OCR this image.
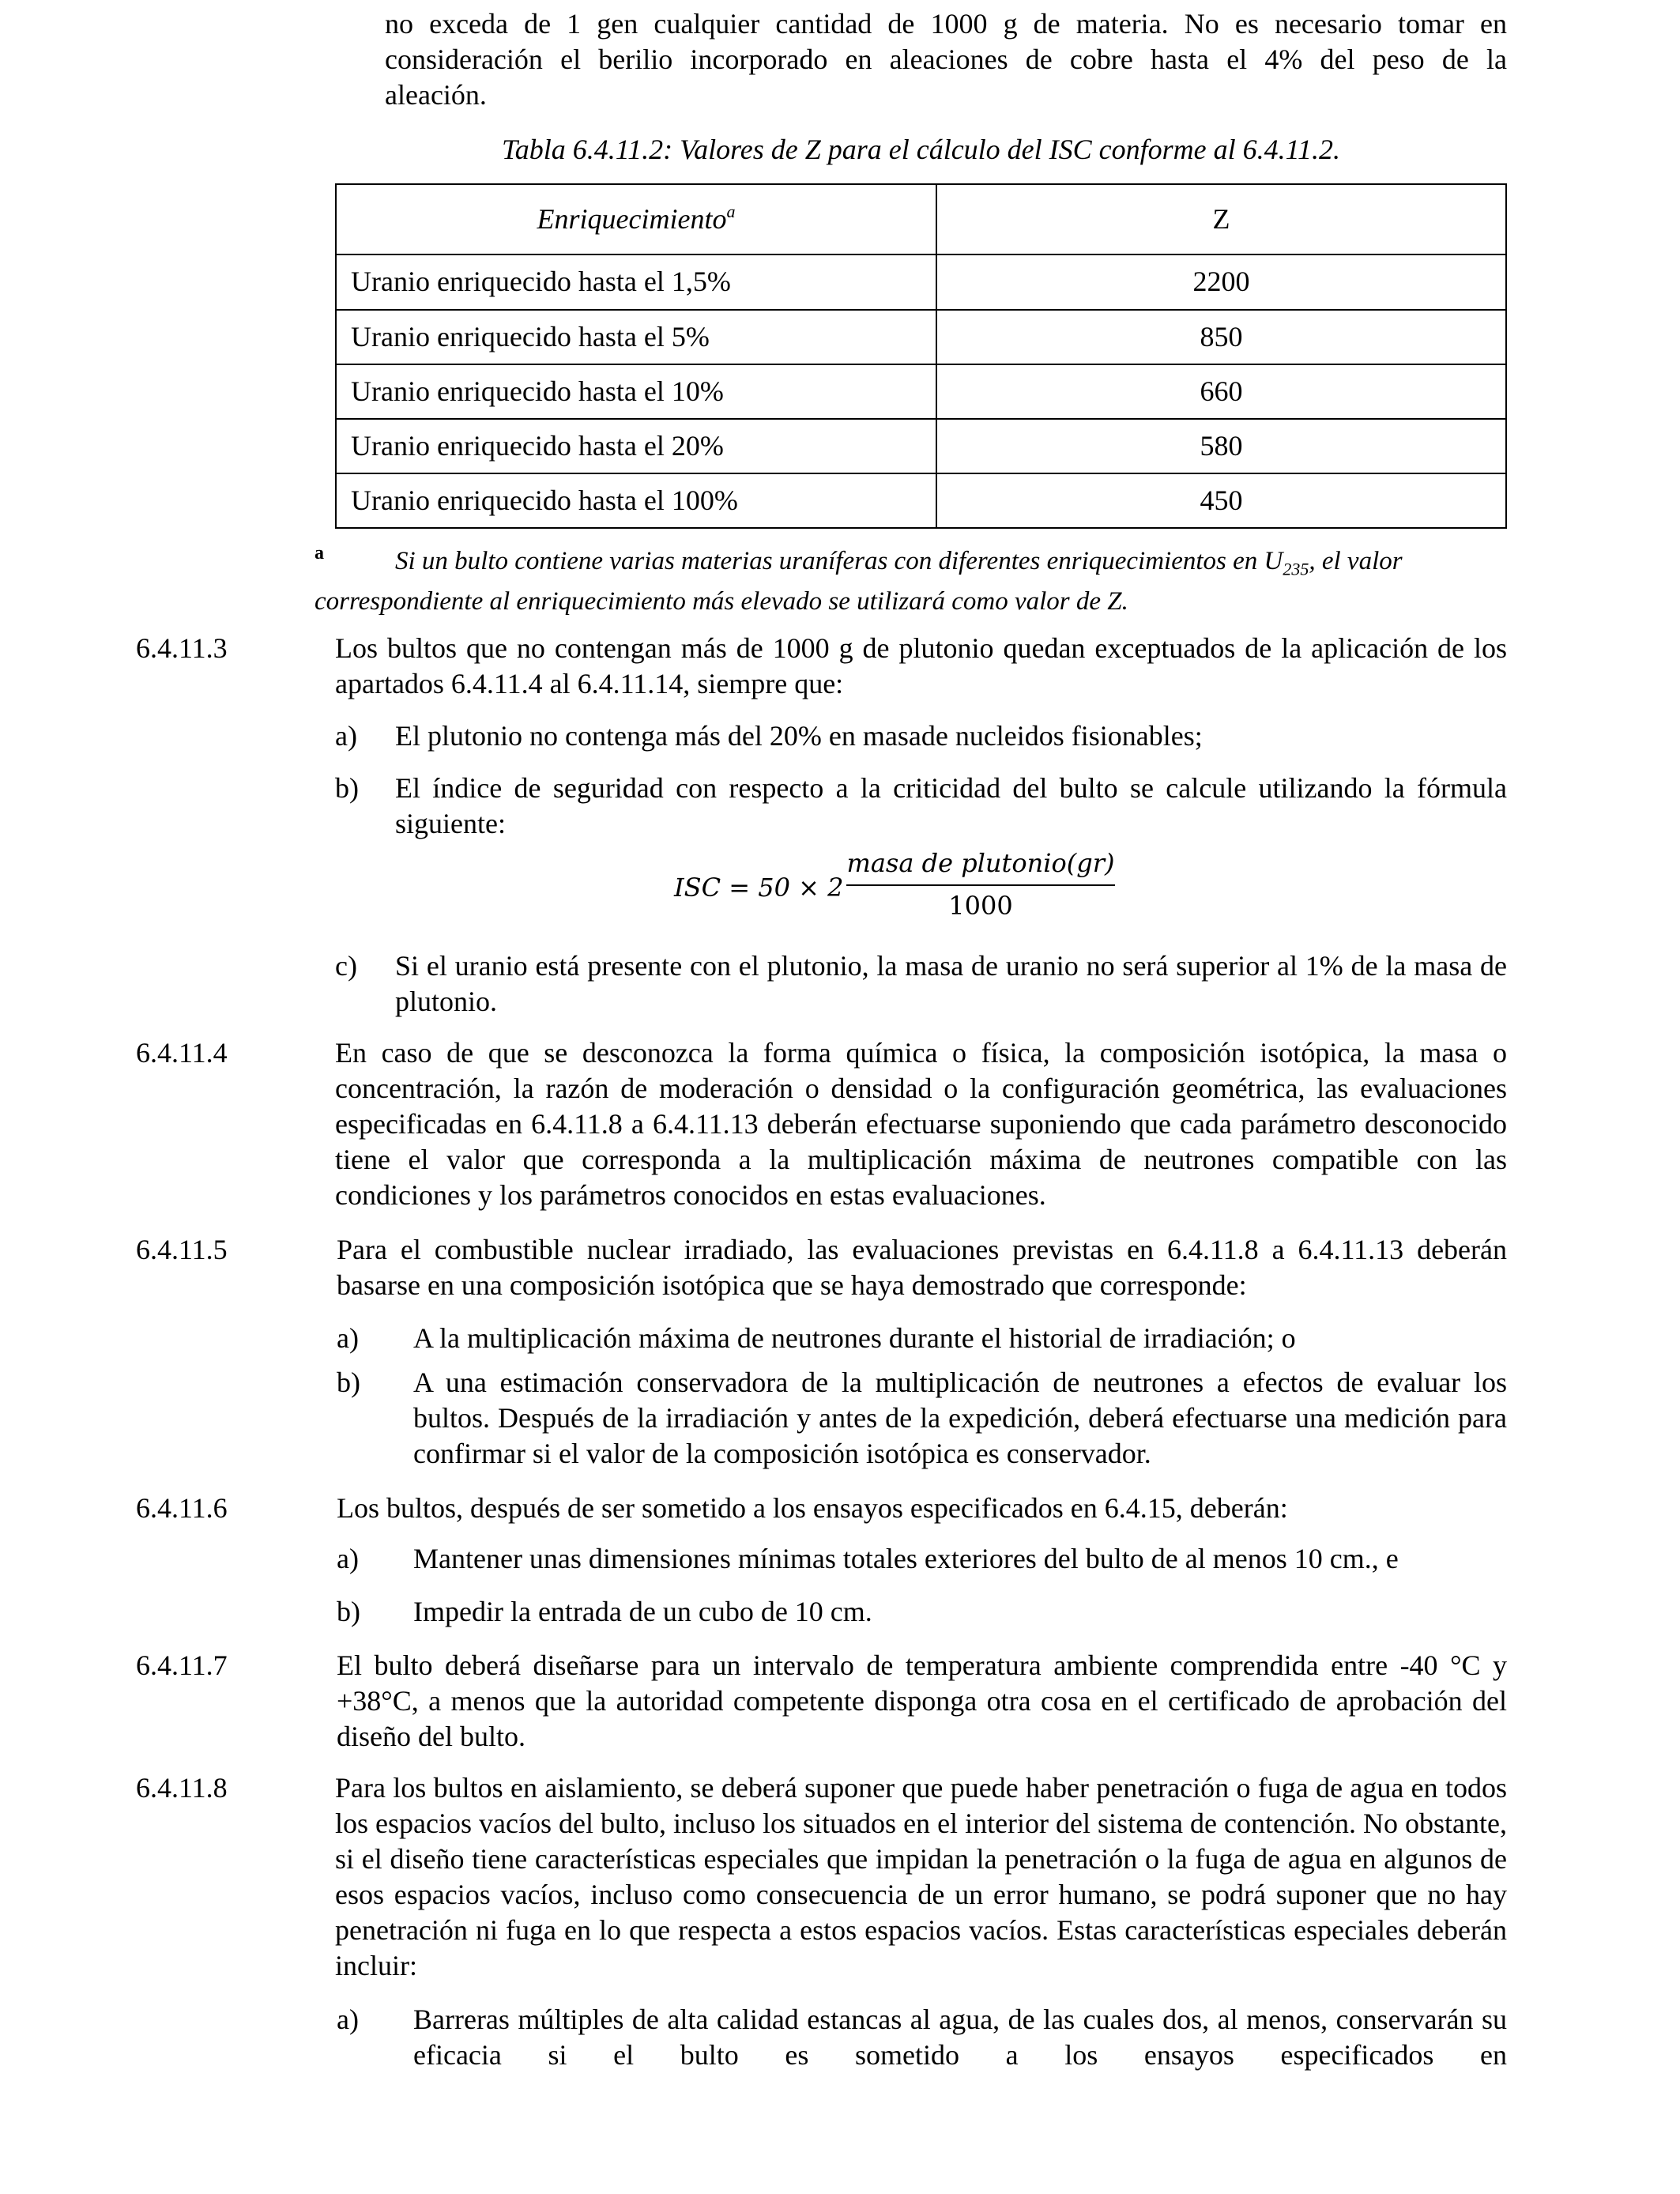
no exceda de 1 gen cualquier cantidad de 1000 g de materia. No es necesario tomar en
consideración el berilio incorporado en aleaciones de cobre hasta el 4% del peso de la
aleación.
Tabla 6.4.11.2: Valores de Z para el cálculo del ISC conforme al 6.4.11.2.
Enriquecimiento$^a$	Z
Uranio enriquecido hasta el 1,5%	2200
Uranio enriquecido hasta el 5%	850
Uranio enriquecido hasta el 10%	660
Uranio enriquecido hasta el 20%	580
Uranio enriquecido hasta el 100%	450
a	Si un bulto contiene varias materias uraníferas con diferentes enriquecimientos en $U_{235}$, el valor
correspondiente al enriquecimiento más elevado se utilizará como valor de Z.
6.4.11.3	Los bultos que no contengan más de 1000 g de plutonio quedan exceptuados de la aplicación de los apartados 6.4.11.4 al 6.4.11.14, siempre que:
a) El plutonio no contenga más del 20% en masade nucleidos fisionables;
b) El índice de seguridad con respecto a la criticidad del bulto se calcule utilizando la fórmula siguiente:
ISC = 50 × 2
masa de plutonio(gr)
1000
c) Si el uranio está presente con el plutonio, la masa de uranio no será superior al 1% de la masa de plutonio.
6.4.11.4	En caso de que se desconozca la forma química o física, la composición isotópica, la masa o concentración, la razón de moderación o densidad o la configuración geométrica, las evaluaciones especificadas en 6.4.11.8 a 6.4.11.13 deberán efectuarse suponiendo que cada parámetro desconocido tiene el valor que corresponda a la multiplicación máxima de neutrones compatible con las condiciones y los parámetros conocidos en estas evaluaciones.
6.4.11.5	Para el combustible nuclear irradiado, las evaluaciones previstas en 6.4.11.8 a 6.4.11.13 deberán basarse en una composición isotópica que se haya demostrado que corresponde:
a) A la multiplicación máxima de neutrones durante el historial de irradiación; o
b) A una estimación conservadora de la multiplicación de neutrones a efectos de evaluar los bultos. Después de la irradiación y antes de la expedición, deberá efectuarse una medición para confirmar si el valor de la composición isotópica es conservador.
6.4.11.6	Los bultos, después de ser sometido a los ensayos especificados en 6.4.15, deberán:
a) Mantener unas dimensiones mínimas totales exteriores del bulto de al menos 10 cm., e
b) Impedir la entrada de un cubo de 10 cm.
6.4.11.7	El bulto deberá diseñarse para un intervalo de temperatura ambiente comprendida entre -40 °C y +38°C, a menos que la autoridad competente disponga otra cosa en el certificado de aprobación del diseño del bulto.
6.4.11.8	Para los bultos en aislamiento, se deberá suponer que puede haber penetración o fuga de agua en todos los espacios vacíos del bulto, incluso los situados en el interior del sistema de contención. No obstante, si el diseño tiene características especiales que impidan la penetración o la fuga de agua en algunos de esos espacios vacíos, incluso como consecuencia de un error humano, se podrá suponer que no hay penetración ni fuga en lo que respecta a estos espacios vacíos. Estas características especiales deberán incluir:
a) Barreras múltiples de alta calidad estancas al agua, de las cuales dos, al menos, conservarán su eficacia si el bulto es sometido a los ensayos especificados en
